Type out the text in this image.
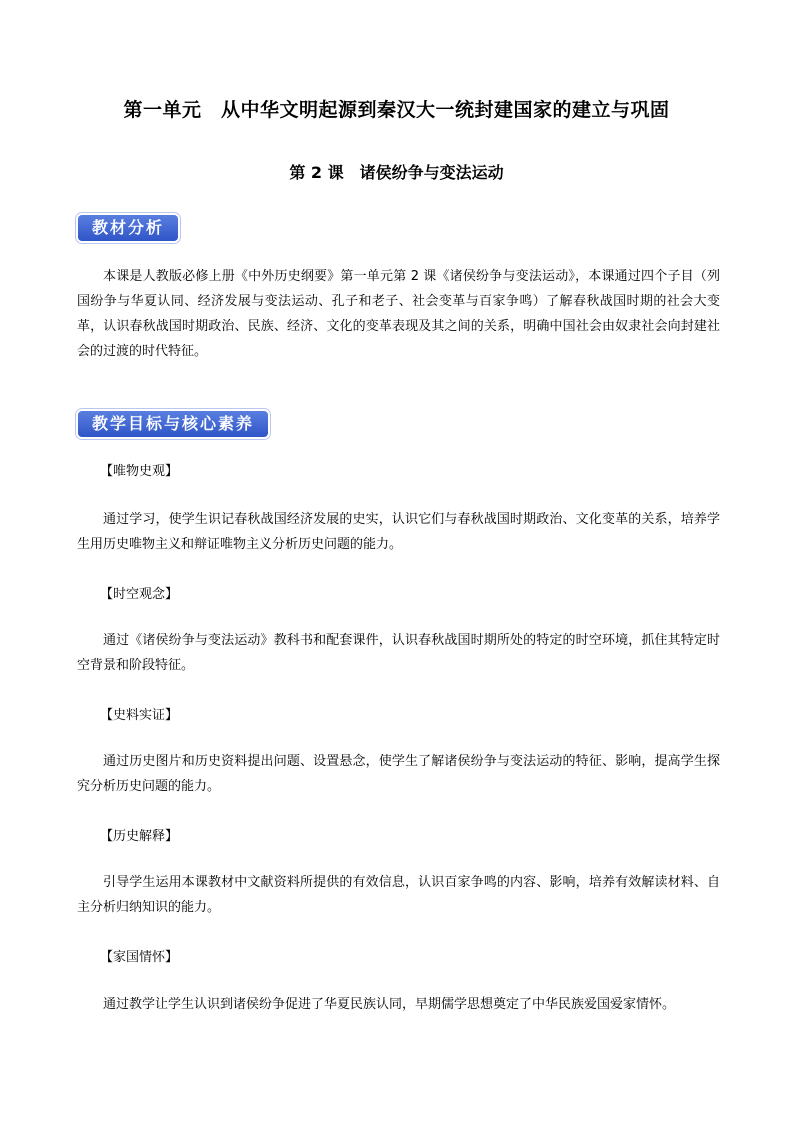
第一单元　从中华文明起源到秦汉大一统封建国家的建立与巩固
第 2 课　诸侯纷争与变法运动
教材分析
本课是人教版必修上册《中外历史纲要》第一单元第 2 课《诸侯纷争与变法运动》，本课通过四个子目（列国纷争与华夏认同、经济发展与变法运动、孔子和老子、社会变革与百家争鸣）了解春秋战国时期的社会大变革，认识春秋战国时期政治、民族、经济、文化的变革表现及其之间的关系，明确中国社会由奴隶社会向封建社会的过渡的时代特征。
教学目标与核心素养
【唯物史观】
通过学习，使学生识记春秋战国经济发展的史实，认识它们与春秋战国时期政治、文化变革的关系，培养学生用历史唯物主义和辩证唯物主义分析历史问题的能力。
【时空观念】
通过《诸侯纷争与变法运动》教科书和配套课件，认识春秋战国时期所处的特定的时空环境，抓住其特定时空背景和阶段特征。
【史料实证】
通过历史图片和历史资料提出问题、设置悬念，使学生了解诸侯纷争与变法运动的特征、影响，提高学生探究分析历史问题的能力。
【历史解释】
引导学生运用本课教材中文献资料所提供的有效信息，认识百家争鸣的内容、影响，培养有效解读材料、自主分析归纳知识的能力。
【家国情怀】
通过教学让学生认识到诸侯纷争促进了华夏民族认同，早期儒学思想奠定了中华民族爱国爱家情怀。
